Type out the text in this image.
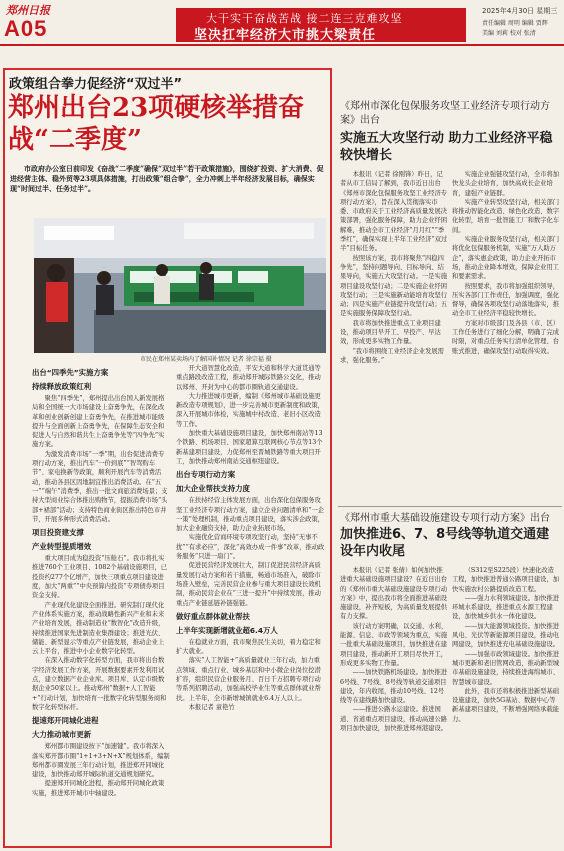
郑州日报
A05	大干实干奋战苦战 接二连三克难攻坚
坚决扛牢经济大市挑大梁责任
2025年4月30日 星期三
责任编辑 周明 编辑 贾辉
美编 刘莉 校对 张清
政策组合拳力促经济“双过半”
郑州出台23项硬核举措奋战“二季度”
市政府办公室日前印发《奋战“二季度”确保“双过半”若干政策措施》，围绕扩投资、扩大消费、促进经营主体、稳外贸等23项具体措施，打出政策“组合拳”，全力冲刺上半年经济发展目标，确保实现“时间过半、任务过半”。
市民在郑州某卖场内了解国补情况 记者 徐宗福 摄
出台“四季先”实施方案
持续释放政策红利

聚焦“四季先”，郑州提出出台国人新发展格局和全国统一大市场建设上奋勇争先，在深化改革和创业创新创建上奋勇争先，在推进城市能级提升与全面创新上奋勇争先，在保障生态安全和促进人与自然和谐共生上奋勇争先等“四争先”实施方案。

为激发消费市场“一季”期，出台促进消费专项行动方案，推出汽车“一价到底”“智驾购车节”、家电换新等政策，顺利开展汽车等消费活动，推动各县区因地制宜推出消费活动。在“五一”“端午”消费季，推出一批文商旅消费场景；支持大型商业综合体推出购物节，提振消费市场“头部+裙部”活动；支持特色商业街区推出特色市井节，开展多种形式消费活动。

项目投资建支撑
产业转型提质增效

重大项目成为稳投资“压舱石”。我市将扎实推进760个工业项目、1082个基础设施项目，已投资约277个亿增产，加快三项重点项目建设进度，加大“两重”“中央预算内投资”专项债券项目资金支持。

产业现代化建设全面推进。研究制订现代化产业体系实施方案，推动战略性新兴产业和未来产业培育发展，推动制造业“数智化”改造升级，持续推进国家先进制造业集群建设；推进光伏、储能、新型显示等重点产业链发展，推动企业上云上平台，推进中小企业数字化转型。

在深入推动数字化转型方面，我市将出台数字经济发展工作方案，开展数据要素开发利用试点，建立数据产业企业库。项目库、认定市级数据企业50家以上。推动郑州“数据+人工智能+”行动计划，加快培育一批数字化转型服务商和数字化转型标杆。

提速郑开同城化进程
大力推动城市更新

郑州都市圈建设按下“加速键”。我市将深入落实郑开都市圈“1+1+3+N+X”规划体系，编制郑州都市圈发展三年行动计划，推进郑开同城化建设，加快推动郑开城际轨道交通规划研究。

提速郑开同城化进程，推动郑开同城化政策实施，推进郑开城市中轴建设。

开大道智慧化改造，平安大道和科学大道贯通等重点路段改造工程，推动郑开城际铁路公交化，推动以郑州、开封为中心的都市圈轨道交通建设。

大力推进城市更新，编制《郑州城市基础设施更新改造专项规划》，进一步完善城市更新制度和政策，深入开展城市体检，实施城中村改造、老旧小区改造等工作。

加快重大基础设施项目建设，加快郑州南站等13个铁路、机场项目、国家超算互联网核心节点等13个新基建项目建设，力促郑州至晋城铁路等重大项目开工，加快推动郑州南站交通枢纽建设。

出台专项行动方案
加大企业帮扶支持力度

在扶持经营主体发展方面，出台深化包保服务攻坚工业经济专项行动方案，建立企业问题清单和“一企一策”处理机制，推动重点项目建设，落实涉企政策，加大企业融资支持，助力企业拓展市场。

实施优化营商环境专项攻坚行动，坚持“无事不扰”“有求必应”，深化“高效办成一件事”改革，推动政务服务“只进一扇门”。

促进民营经济发展壮大，制订促进民营经济高质量发展行动方案和若干措施，畅通市场准入，破除市场准入壁垒，完善民营企业参与重大项目建设长效机制，推动民营企业在“三进一提升”中持续发展，推动重点产业链延链补链强链。

做好重点群体就业帮扶
上半年实现新增就业超6.4万人

在稳就业方面，我市聚焦民生关切，着力稳定和扩大就业。

落实“人工智能+”高质量就业三年行动，加力重点领域、重点行业、城乡基层和中小微企业岗位挖潜扩容，组织民营企业服务月、百日千万招聘专项行动等系列招聘活动，加强高校毕业生等重点群体就业帮扶。上半年，全市新增城镇就业6.4万人以上。

本报记者 童艳竹

《郑州市深化包保服务攻坚工业经济专项行动方案》出台
实施五大攻坚行动 助力工业经济平稳较快增长

本报讯（记者 徐刚锋）昨日，记者从市工信局了解到，我市近日出台《郑州市深化包保服务攻坚工业经济专项行动方案》，旨在深入贯彻落实市委、市政府关于工业经济高质量发展决策部署，强化服务保障，助力企业纾困解难，推动全市工业经济“月月红”“季季红”，确保实现上半年工业经济“双过半”目标任务。

按照该方案，我市将聚焦“四稳四争先”，坚持问题导向、目标导向、结果导向，实施五大攻坚行动。一是实施项目建设攻坚行动；二是实施企业纾困攻坚行动；三是实施新动能培育攻坚行动；四是实施产业链提升攻坚行动；五是实施服务保障攻坚行动。

我市将加快推进重点工业项目建设，推动项目早开工、早投产、早达效，形成更多实物工作量。

“我市将围绕工业经济企业发展需求，强化服务。”

实施企业强链攻坚行动，全市将加快龙头企业培育，加快高成长企业培育，建强产业链群。

实施产业转型攻坚行动，相关部门将推动智能化改造、绿色化改造、数字化转型，培育一批智能工厂和数字化车间。

实施企业服务攻坚行动，相关部门将优化包保服务机制，实施“万人助万企”，落实惠企政策，助力企业开拓市场，推动企业降本增效，保障企业用工和要素需求。

按照要求，我市将加强组织领导，压实各部门工作责任，加强调度，强化督导，确保各项攻坚行动落地落实，推动全市工业经济平稳较快增长。

方案对市级部门及各县（市、区）工作任务进行了细化分解，明确了完成时限，对重点任务实行清单化管理、台账式推进，确保攻坚行动取得实效。

《郑州市重大基础设施建设专项行动方案》出台
加快推进6、7、8号线等轨道交通建设年内收尾

本报讯（记者 张倩）如何加快推进重大基础设施项目建设？在近日出台的《郑州市重大基础设施建设专项行动方案》中，提出我市将全面推进基础设施建设，补齐短板，为高质量发展提供有力支撑。

该行动方案明确，以交通、水利、能源、信息、市政等领域为重点，实施一批重大基础设施项目，加快推进在建项目建设，推动新开工项目尽快开工，形成更多实物工作量。

——加快铁路机场建设。加快推进6号线、7号线、8号线等轨道交通项目建设，年内收尾，推动10号线、12号线等在建线路加快建设。

——推进公路水运建设。推进国道、省道重点项目建设，推动高速公路项目加快建设，加快推进郑州港建设。

（S312至S225段）快速化改造工程，加快推进普通公路项目建设，加快实施农村公路提质改造工程。

——强力水利领域建设。加快推进环城水系建设，推进重点水源工程建设，加快城乡供水一体化建设。

——加大能源领域投资。加快推进风电、光伏等新能源项目建设，推动电网建设，加快推进充电基础设施建设。

——加强市政领域建设。加快推进城市更新和老旧管网改造，推动新型城市基础设施建设，持续推进海绵城市、智慧城市建设。

此外，我市还将积极推进新型基础设施建设，加快5G基站、数据中心等新基建项目建设，不断增强网络承载能力。
